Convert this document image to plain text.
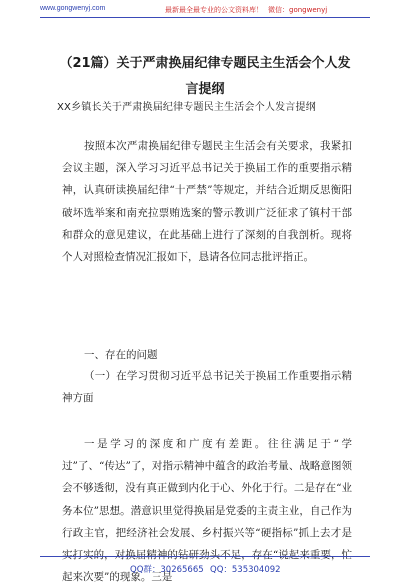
www.gongwenyj.com	最新最全最专业的公文资料库！ 微信：gongwenyj
（21篇）关于严肃换届纪律专题民主生活会个人发
言提纲
XX乡镇长关于严肃换届纪律专题民主生活会个人发言提纲
按照本次严肃换届纪律专题民主生活会有关要求，我紧扣会议主题，深入学习习近平总书记关于换届工作的重要指示精神，认真研读换届纪律“十严禁”等规定，并结合近期反思衡阳破坏选举案和南充拉票贿选案的警示教训广泛征求了镇村干部和群众的意见建议，在此基础上进行了深刻的自我剖析。现将个人对照检查情况汇报如下，恳请各位同志批评指正。
一、存在的问题
（一）在学习贯彻习近平总书记关于换届工作重要指示精神方面
一是学习的深度和广度有差距。往往满足于“学过”了、“传达”了，对指示精神中蕴含的政治考量、战略意图领会不够透彻，没有真正做到内化于心、外化于行。二是存在“业务本位”思想。潜意识里觉得换届是党委的主责主业，自己作为行政主官，把经济社会发展、乡村振兴等“硬指标”抓上去才是 起来次要”的现象。三是
QQ群：30265665 QQ：535304092
